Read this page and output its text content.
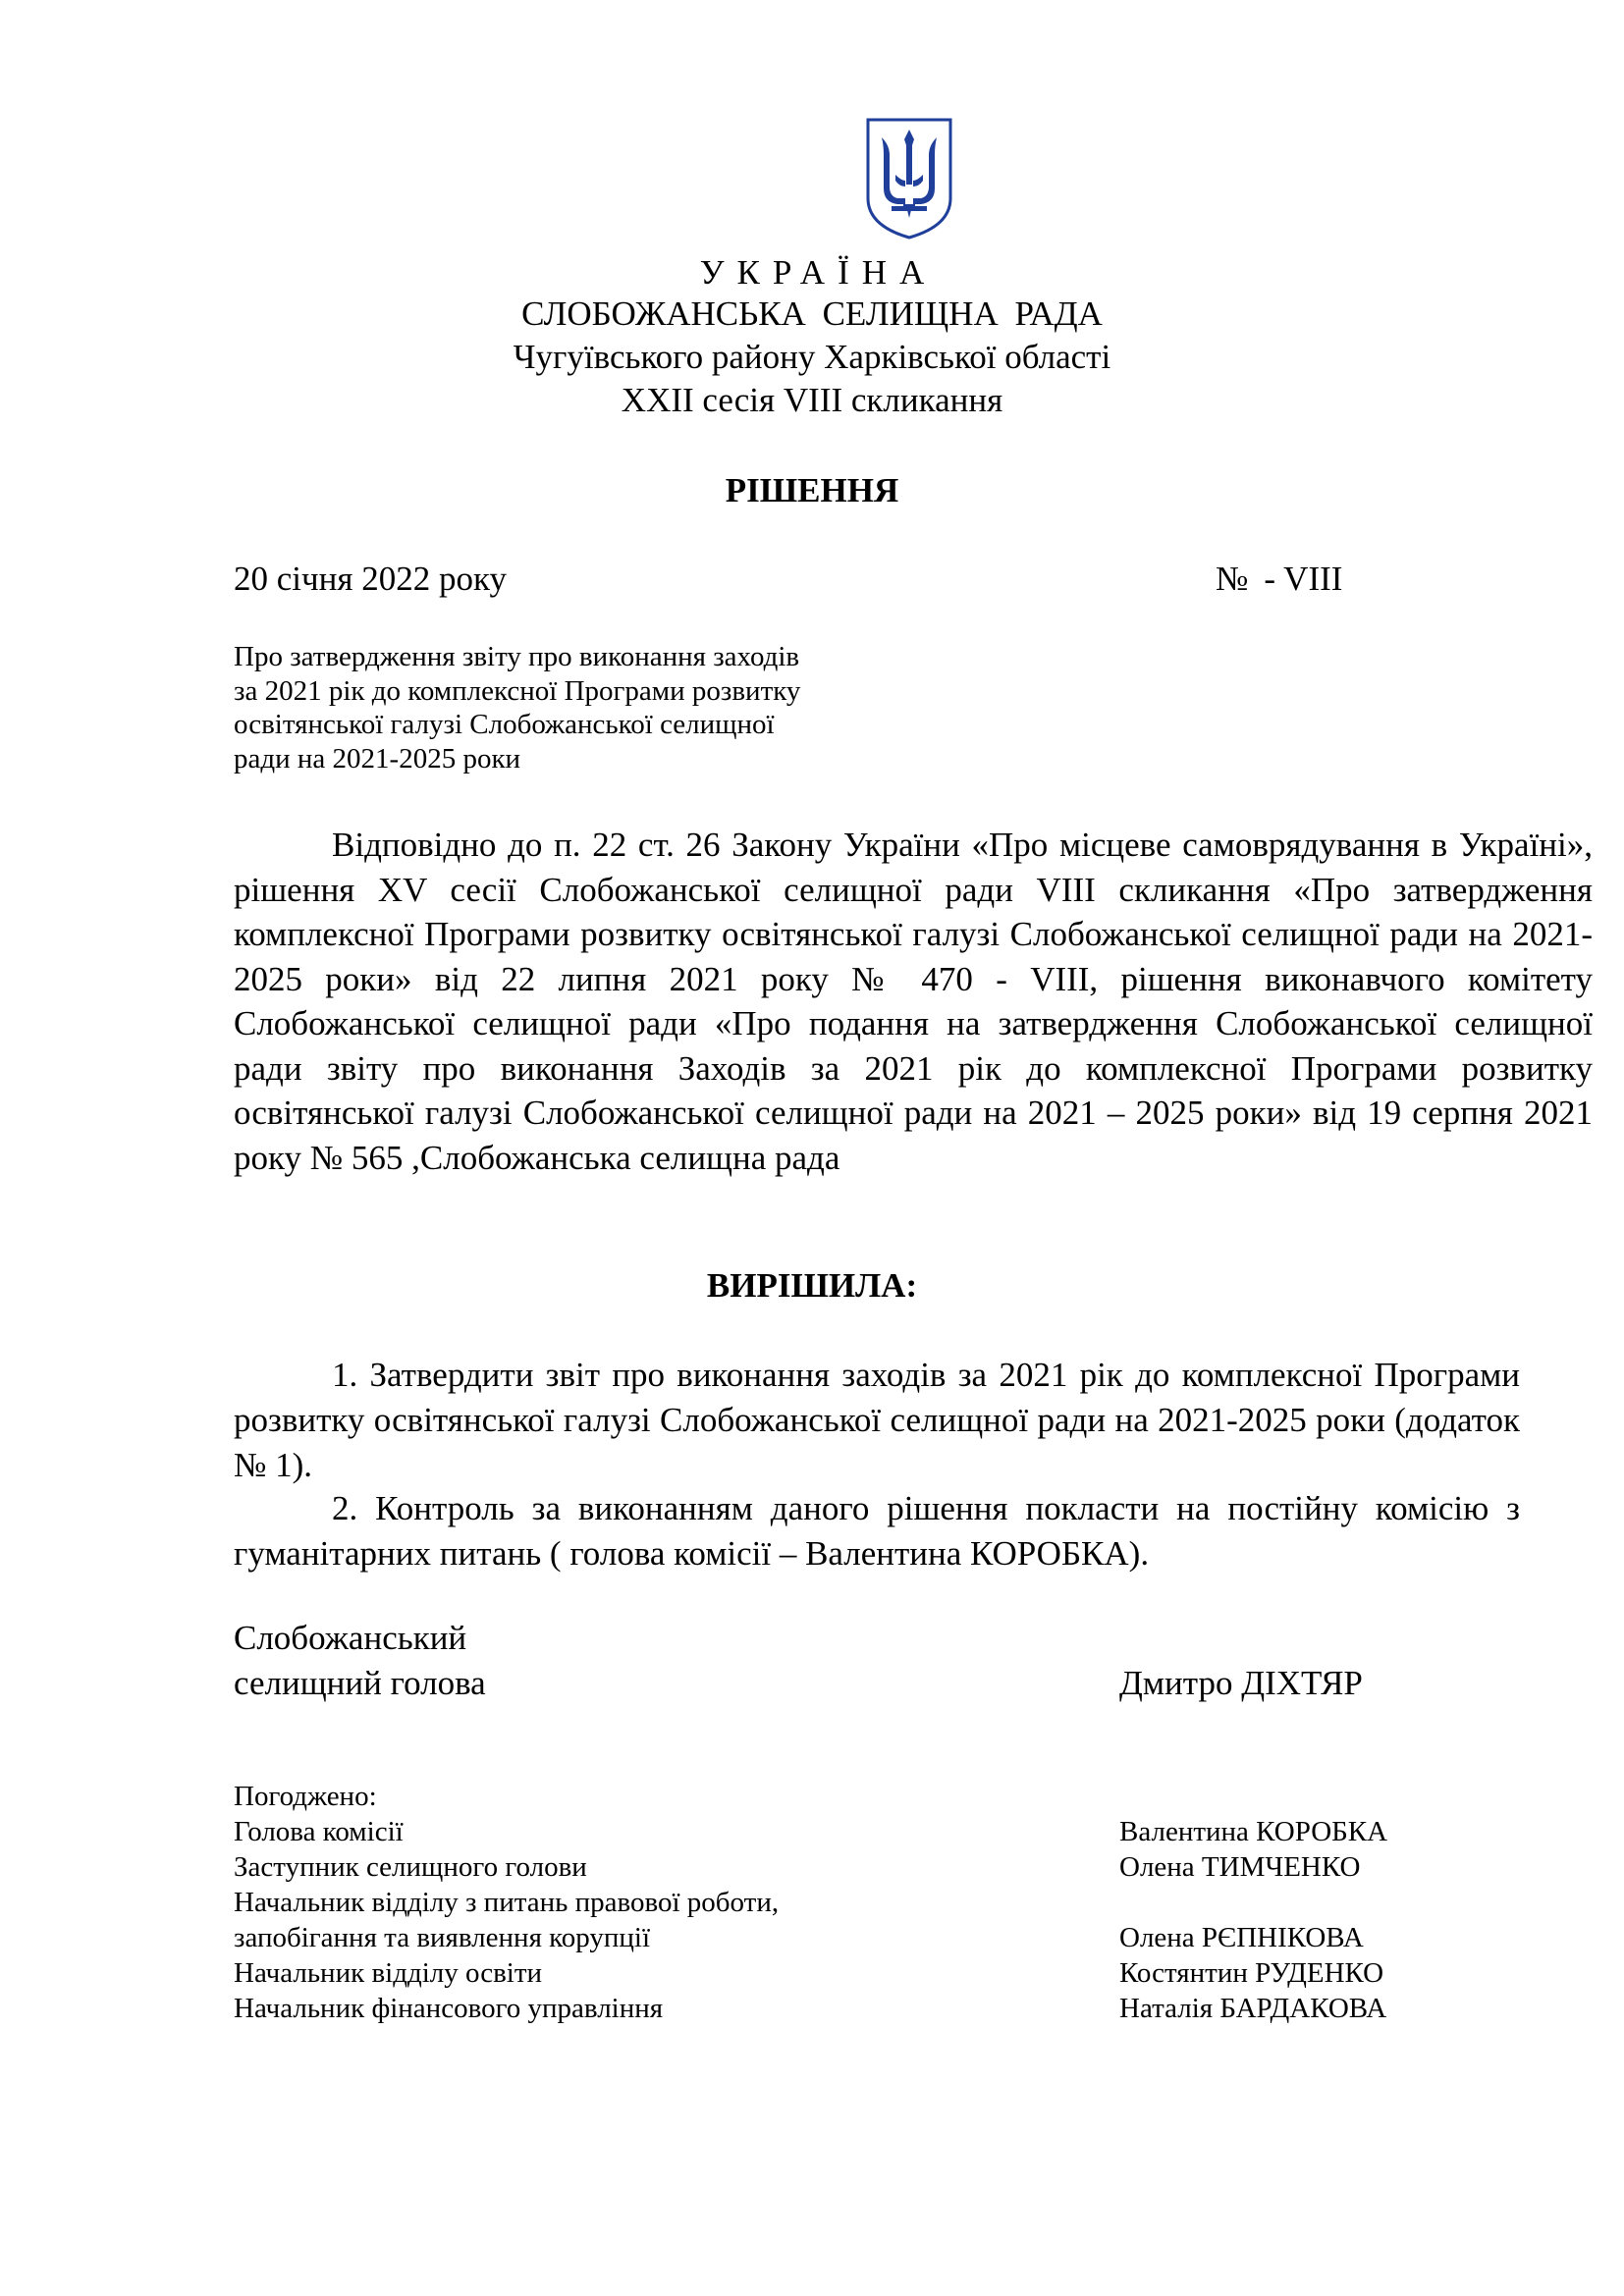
УКРАЇНА
СЛОБОЖАНСЬКА СЕЛИЩНА РАДА
Чугуївського району Харківської області
XXII сесія VIII скликання
РІШЕННЯ
20 січня 2022 року	№ - VIII
Про затвердження звіту про виконання заходів
за 2021 рік до комплексної Програми розвитку
освітянської галузі Слобожанської селищної
ради на 2021-2025 роки
Відповідно до п. 22 ст. 26 Закону України «Про місцеве самоврядування в Україні», рішення XV сесії Слобожанської селищної ради VIII скликання «Про затвердження комплексної Програми розвитку освітянської галузі Слобожанської селищної ради на 2021-2025 роки» від 22 липня 2021 року № 470 - VIII, рішення виконавчого комітету Слобожанської селищної ради «Про подання на затвердження Слобожанської селищної ради звіту про виконання Заходів за 2021 рік до комплексної Програми розвитку освітянської галузі Слобожанської селищної ради на 2021 – 2025 роки» від 19 серпня 2021 року № 565 ,Слобожанська селищна рада
ВИРІШИЛА:
1. Затвердити звіт про виконання заходів за 2021 рік до комплексної Програми розвитку освітянської галузі Слобожанської селищної ради на 2021-2025 роки (додаток № 1).
2. Контроль за виконанням даного рішення покласти на постійну комісію з гуманітарних питань ( голова комісії – Валентина КОРОБКА).
Слобожанський
селищний голова	Дмитро ДІХТЯР
Погоджено:
Голова комісії	Валентина КОРОБКА
Заступник селищного голови	Олена ТИМЧЕНКО
Начальник відділу з питань правової роботи,
запобігання та виявлення корупції	Олена РЄПНІКОВА
Начальник відділу освіти	Костянтин РУДЕНКО
Начальник фінансового управління	Наталія БАРДАКОВА
